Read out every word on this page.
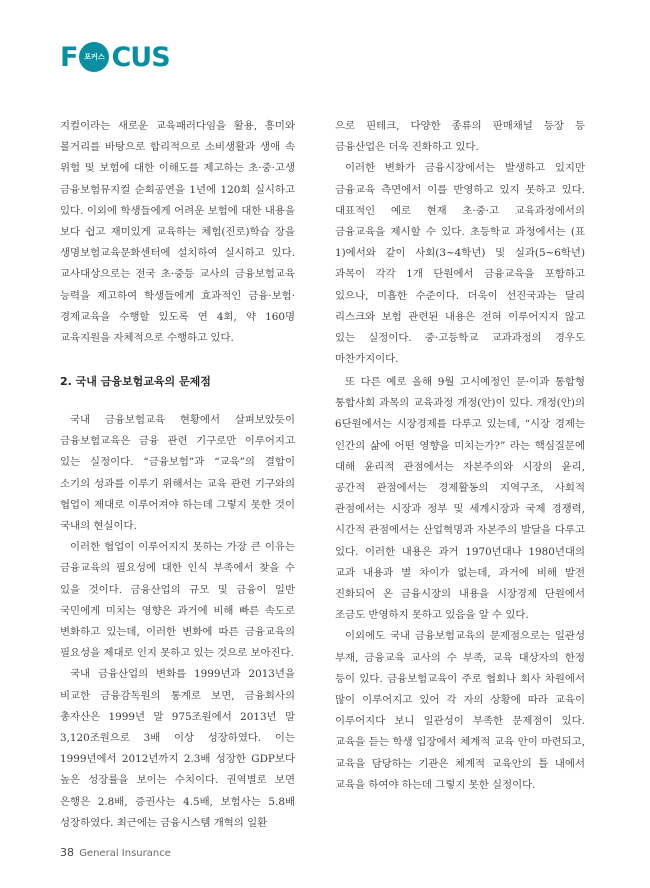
F 포커스 CUS

지컬이라는 새로운 교육패러다임을 활용, 흥미와 볼거리를 바탕으로 합리적으로 소비생활과 생애 속 위험 및 보험에 대한 이해도를 제고하는 초·중·고생 금융보험뮤지컬 순회공연을 1년에 120회 실시하고 있다. 이외에 학생들에게 어려운 보험에 대한 내용을 보다 쉽고 재미있게 교육하는 체험(진로)학습 장을 생명보험교육문화센터에 설치하여 실시하고 있다. 교사대상으로는 전국 초·중등 교사의 금융보험교육 능력을 제고하여 학생들에게 효과적인 금융·보험·경제교육을 수행할 있도록 연 4회, 약 160명 교육지원을 자체적으로 수행하고 있다.

2. 국내 금융보험교육의 문제점

국내 금융보험교육 현황에서 살펴보았듯이 금융보험교육은 금융 관련 기구로만 이루어지고 있는 실정이다. “금융보험”과 “교육”의 결합이 소기의 성과를 이루기 위해서는 교육 관련 기구와의 협업이 제대로 이루어져야 하는데 그렇지 못한 것이 국내의 현실이다.

이러한 협업이 이루어지지 못하는 가장 큰 이유는 금융교육의 필요성에 대한 인식 부족에서 찾을 수 있을 것이다. 금융산업의 규모 및 금융이 일반 국민에게 미치는 영향은 과거에 비해 빠른 속도로 변화하고 있는데, 이러한 변화에 따른 금융교육의 필요성을 제대로 인지 못하고 있는 것으로 보아진다.

국내 금융산업의 변화를 1999년과 2013년을 비교한 금융감독원의 통계로 보면, 금융회사의 총자산은 1999년 말 975조원에서 2013년 말 3,120조원으로 3배 이상 성장하였다. 이는 1999년에서 2012년까지 2.3배 성장한 GDP보다 높은 성장률을 보이는 수치이다. 권역별로 보면 은행은 2.8배, 증권사는 4.5배, 보험사는 5.8배 성장하였다. 최근에는 금융시스템 개혁의 일환

으로 핀테크, 다양한 종류의 판매채널 등장 등 금융산업은 더욱 진화하고 있다.

이러한 변화가 금융시장에서는 발생하고 있지만 금융교육 측면에서 이를 반영하고 있지 못하고 있다. 대표적인 예로 현재 초·중·고 교육과정에서의 금융교육을 제시할 수 있다. 초등학교 과정에서는 (표 1)에서와 같이 사회(3~4학년) 및 실과(5~6학년) 과목이 각각 1개 단원에서 금융교육을 포함하고 있으나, 미흡한 수준이다. 더욱이 선진국과는 달리 리스크와 보험 관련된 내용은 전혀 이루어지지 않고 있는 실정이다. 중·고등학교 교과과정의 경우도 마찬가지이다.

또 다른 예로 올해 9월 고시예정인 문·이과 통합형 통합사회 과목의 교육과정 개정(안)이 있다. 개정(안)의 6단원에서는 시장경제를 다루고 있는데, “시장 경제는 인간의 삶에 어떤 영향을 미치는가?” 라는 핵심질문에 대해 윤리적 관점에서는 자본주의와 시장의 윤리, 공간적 관점에서는 경제활동의 지역구조, 사회적 관점에서는 시장과 정부 및 세계시장과 국제 경쟁력, 시간적 관점에서는 산업혁명과 자본주의 발달을 다루고 있다. 이러한 내용은 과거 1970년대나 1980년대의 교과 내용과 별 차이가 없는데, 과거에 비해 발전 진화되어 온 금융시장의 내용을 시장경제 단원에서 조금도 반영하지 못하고 있음을 알 수 있다.

이외에도 국내 금융보험교육의 문제점으로는 일관성 부재, 금융교육 교사의 수 부족, 교육 대상자의 한정 등이 있다. 금융보험교육이 주로 협회나 회사 차원에서 많이 이루어지고 있어 각 자의 상황에 따라 교육이 이루어지다 보니 일관성이 부족한 문제점이 있다. 교육을 듣는 학생 입장에서 체계적 교육 안이 마련되고, 교육을 담당하는 기관은 체계적 교육안의 틀 내에서 교육을 하여야 하는데 그렇지 못한 실정이다.

38 General Insurance
